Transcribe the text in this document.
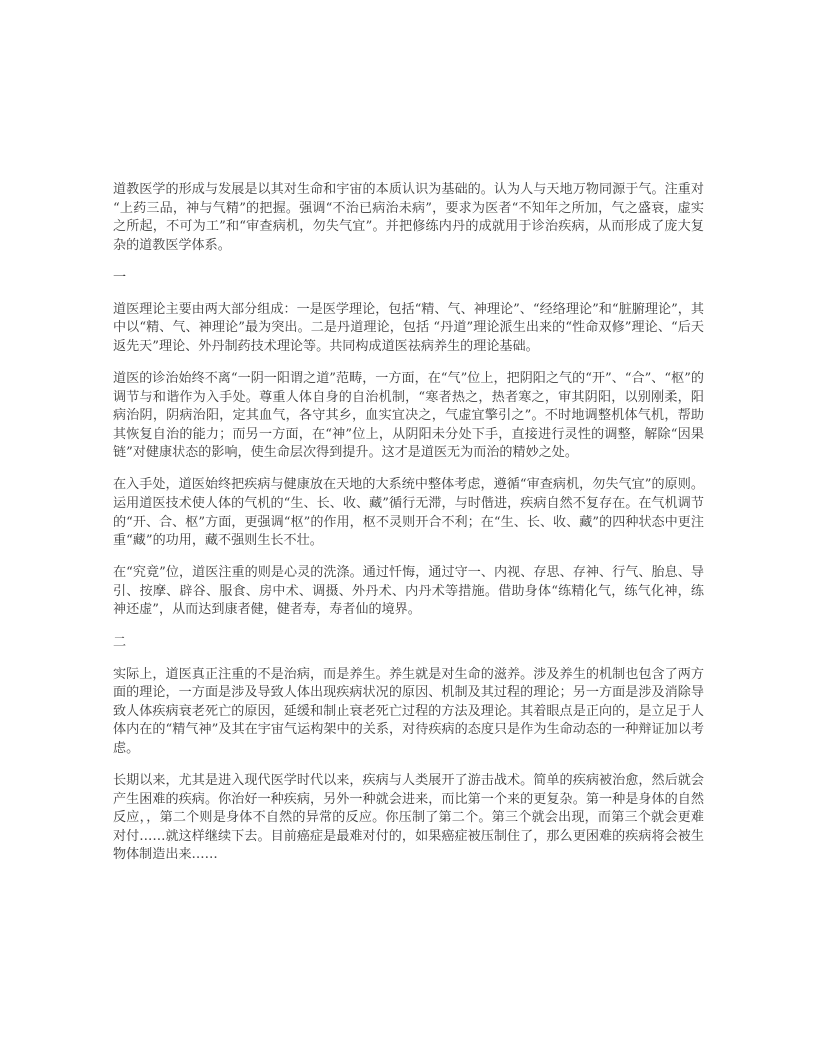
道教医学的形成与发展是以其对生命和宇宙的本质认识为基础的。认为人与天地万物同源于气。注重对“上药三品，神与气精”的把握。强调“不治已病治未病”，要求为医者“不知年之所加，气之盛衰，虚实之所起，不可为工”和“审查病机，勿失气宜”。并把修练内丹的成就用于诊治疾病，从而形成了庞大复杂的道教医学体系。

一

道医理论主要由两大部分组成：一是医学理论，包括“精、气、神理论”、“经络理论”和“脏腑理论”，其中以“精、气、神理论”最为突出。二是丹道理论，包括 “丹道”理论派生出来的“性命双修”理论、“后天返先天”理论、外丹制药技术理论等。共同构成道医祛病养生的理论基础。

道医的诊治始终不离“一阴一阳谓之道”范畴，一方面，在“气”位上，把阴阳之气的“开”、“合”、“枢”的调节与和谐作为入手处。尊重人体自身的自治机制，“寒者热之，热者寒之，审其阴阳，以别刚柔，阳病治阴，阴病治阳，定其血气，各守其乡，血实宜决之，气虚宜擎引之”。不时地调整机体气机，帮助其恢复自治的能力；而另一方面，在“神”位上，从阴阳未分处下手，直接进行灵性的调整，解除“因果链”对健康状态的影响，使生命层次得到提升。这才是道医无为而治的精妙之处。

在入手处，道医始终把疾病与健康放在天地的大系统中整体考虑，遵循“审查病机，勿失气宜”的原则。运用道医技术使人体的气机的“生、长、收、藏”循行无滞，与时偕进，疾病自然不复存在。在气机调节的“开、合、枢”方面，更强调“枢”的作用，枢不灵则开合不利；在“生、长、收、藏”的四种状态中更注重“藏”的功用，藏不强则生长不壮。

在“究竟”位，道医注重的则是心灵的洗涤。通过忏悔，通过守一、内视、存思、存神、行气、胎息、导引、按摩、辟谷、服食、房中术、调摄、外丹术、内丹术等措施。借助身体“练精化气，练气化神，练神还虚”，从而达到康者健，健者寿，寿者仙的境界。

二

实际上，道医真正注重的不是治病，而是养生。养生就是对生命的滋养。涉及养生的机制也包含了两方面的理论，一方面是涉及导致人体出现疾病状况的原因、机制及其过程的理论；另一方面是涉及消除导致人体疾病衰老死亡的原因，延缓和制止衰老死亡过程的方法及理论。其着眼点是正向的，是立足于人体内在的“精气神”及其在宇宙气运构架中的关系，对待疾病的态度只是作为生命动态的一种辩证加以考虑。

长期以来，尤其是进入现代医学时代以来，疾病与人类展开了游击战术。简单的疾病被治愈，然后就会产生困难的疾病。你治好一种疾病，另外一种就会进来，而比第一个来的更复杂。第一种是身体的自然反应，，第二个则是身体不自然的异常的反应。你压制了第二个。第三个就会出现，而第三个就会更难对付……就这样继续下去。目前癌症是最难对付的，如果癌症被压制住了，那么更困难的疾病将会被生物体制造出来……
